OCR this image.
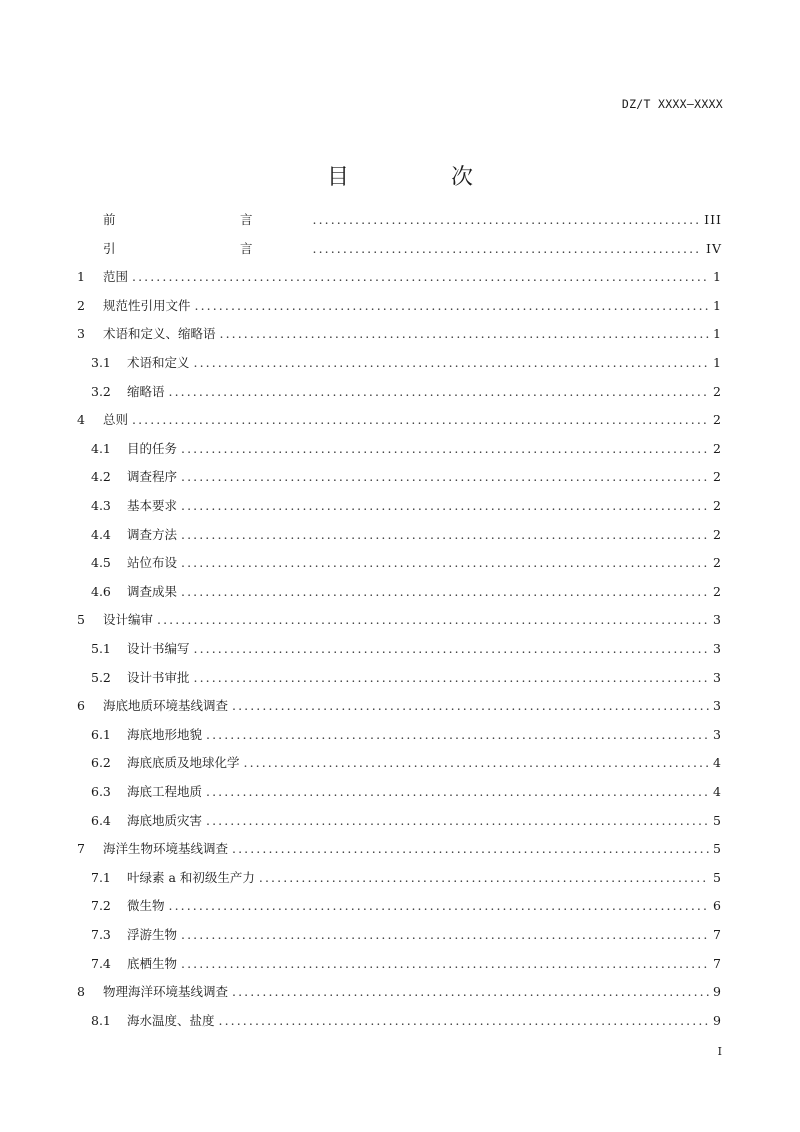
DZ/T XXXX—XXXX
目　次
前　言 .....	III
引　言 .....	IV
1	范围 .....	1
2	规范性引用文件 .....	1
3	术语和定义、缩略语 .....	1
3.1	术语和定义 .....	1
3.2	缩略语 .....	2
4	总则 .....	2
4.1	目的任务 .....	2
4.2	调查程序 .....	2
4.3	基本要求 .....	2
4.4	调查方法 .....	2
4.5	站位布设 .....	2
4.6	调查成果 .....	2
5	设计编审 .....	3
5.1	设计书编写 .....	3
5.2	设计书审批 .....	3
6	海底地质环境基线调查 .....	3
6.1	海底地形地貌 .....	3
6.2	海底底质及地球化学 .....	4
6.3	海底工程地质 .....	4
6.4	海底地质灾害 .....	5
7	海洋生物环境基线调查 .....	5
7.1	叶绿素 a 和初级生产力 .....	5
7.2	微生物 .....	6
7.3	浮游生物 .....	7
7.4	底栖生物 .....	7
8	物理海洋环境基线调查 .....	9
8.1	海水温度、盐度 .....	9
I
